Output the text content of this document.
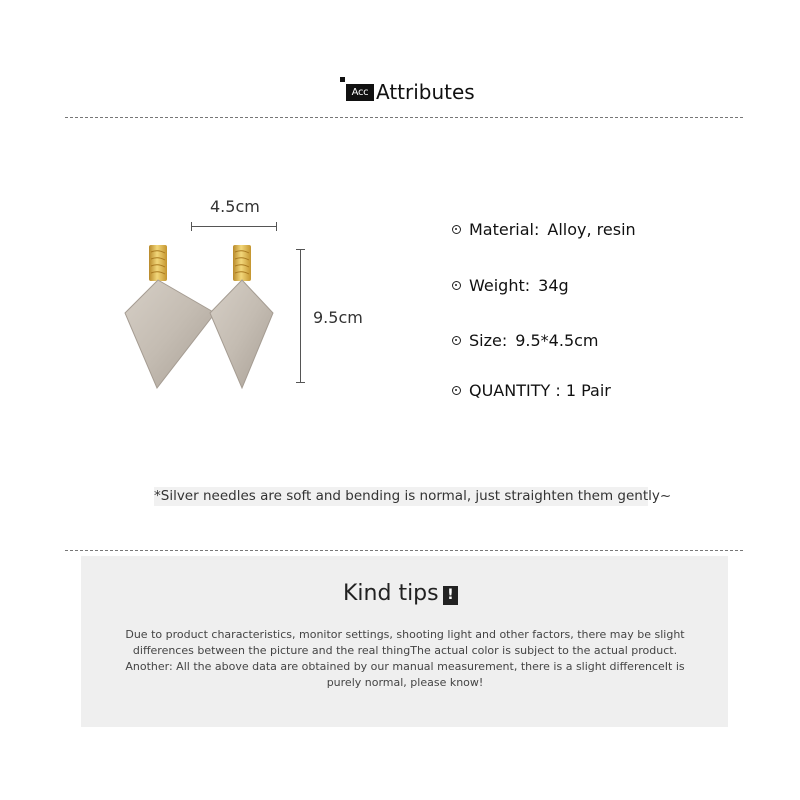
Acc Attributes
4.5cm
9.5cm
Material: Alloy, resin
Weight: 34g
Size: 9.5*4.5cm
QUANTITY : 1 Pair
*Silver needles are soft and bending is normal, just straighten them gently~
Kind tips !
Due to product characteristics, monitor settings, shooting light and other factors, there may be slight
differences between the picture and the real thingThe actual color is subject to the actual product.
Another: All the above data are obtained by our manual measurement, there is a slight differenceIt is
purely normal, please know!
